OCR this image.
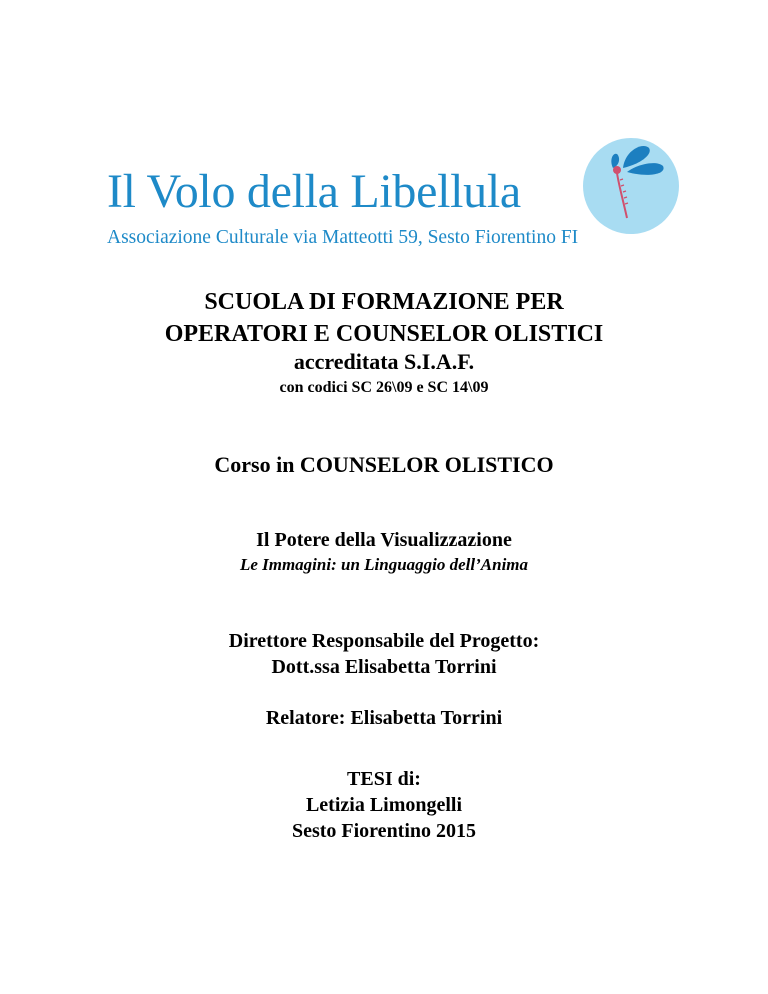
Il Volo della Libellula
Associazione Culturale via Matteotti 59, Sesto Fiorentino FI
SCUOLA DI FORMAZIONE PER
OPERATORI E COUNSELOR OLISTICI
accreditata S.I.A.F.
con codici SC 26\09 e SC 14\09
Corso in COUNSELOR OLISTICO
Il Potere della Visualizzazione
Le Immagini: un Linguaggio dell’Anima
Direttore Responsabile del Progetto:
Dott.ssa Elisabetta Torrini
Relatore: Elisabetta Torrini
TESI di:
Letizia Limongelli
Sesto Fiorentino 2015
